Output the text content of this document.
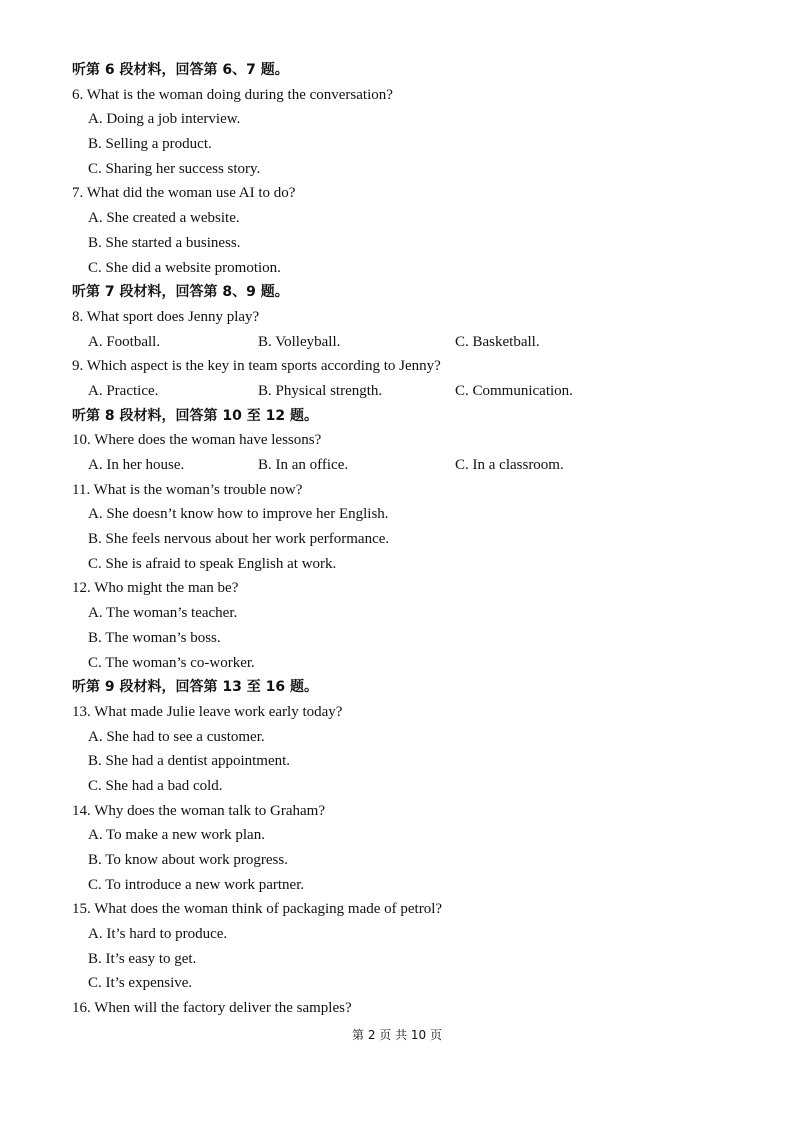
听第 6 段材料，回答第 6、7 题。
6. What is the woman doing during the conversation?
A. Doing a job interview.
B. Selling a product.
C. Sharing her success story.
7. What did the woman use AI to do?
A. She created a website.
B. She started a business.
C. She did a website promotion.
听第 7 段材料，回答第 8、9 题。
8. What sport does Jenny play?
A. Football.	B. Volleyball.	C. Basketball.
9. Which aspect is the key in team sports according to Jenny?
A. Practice.	B. Physical strength.	C. Communication.
听第 8 段材料，回答第 10 至 12 题。
10. Where does the woman have lessons?
A. In her house.	B. In an office.	C. In a classroom.
11. What is the woman’s trouble now?
A. She doesn’t know how to improve her English.
B. She feels nervous about her work performance.
C. She is afraid to speak English at work.
12. Who might the man be?
A. The woman’s teacher.
B. The woman’s boss.
C. The woman’s co-worker.
听第 9 段材料，回答第 13 至 16 题。
13. What made Julie leave work early today?
A. She had to see a customer.
B. She had a dentist appointment.
C. She had a bad cold.
14. Why does the woman talk to Graham?
A. To make a new work plan.
B. To know about work progress.
C. To introduce a new work partner.
15. What does the woman think of packaging made of petrol?
A. It’s hard to produce.
B. It’s easy to get.
C. It’s expensive.
16. When will the factory deliver the samples?
第 2 页 共 10 页
